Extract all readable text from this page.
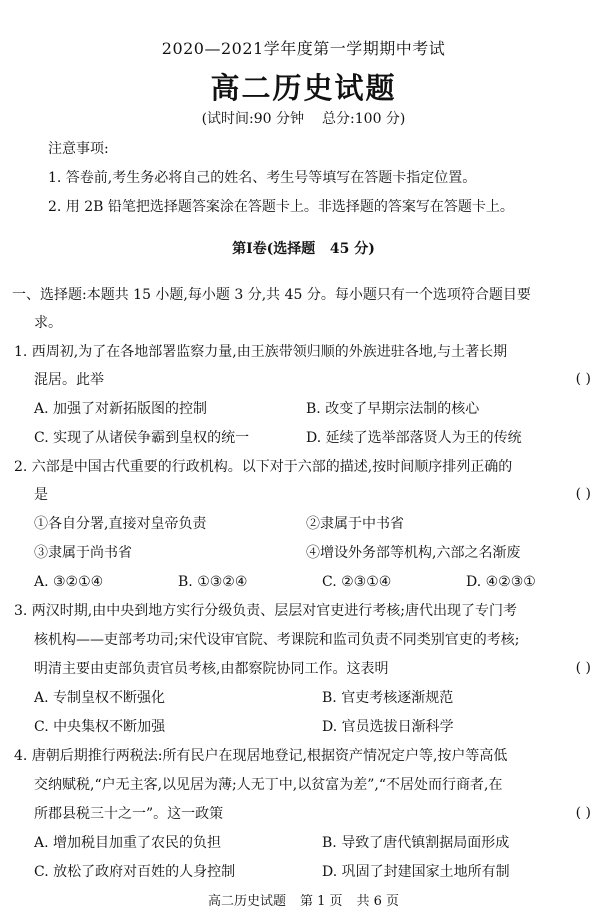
2020—2021学年度第一学期期中考试
高二历史试题
(试时间:90 分钟 总分:100 分)
注意事项:
1. 答卷前,考生务必将自己的姓名、考生号等填写在答题卡指定位置。
2. 用 2B 铅笔把选择题答案涂在答题卡上。非选择题的答案写在答题卡上。
第Ⅰ卷(选择题 45 分)
一、选择题:本题共 15 小题,每小题 3 分,共 45 分。每小题只有一个选项符合题目要
求。
1. 西周初,为了在各地部署监察力量,由王族带领归顺的外族进驻各地,与土著长期
混居。此举	( )
A. 加强了对新拓版图的控制	B. 改变了早期宗法制的核心
C. 实现了从诸侯争霸到皇权的统一	D. 延续了选举部落贤人为王的传统
2. 六部是中国古代重要的行政机构。以下对于六部的描述,按时间顺序排列正确的
是	( )
①各自分署,直接对皇帝负责	②隶属于中书省
③隶属于尚书省	④增设外务部等机构,六部之名渐废
A. ③②①④	B. ①③②④	C. ②③①④	D. ④②③①
3. 两汉时期,由中央到地方实行分级负责、层层对官吏进行考核;唐代出现了专门考
核机构——吏部考功司;宋代设审官院、考课院和监司负责不同类别官吏的考核;
明清主要由吏部负责官员考核,由都察院协同工作。这表明	( )
A. 专制皇权不断强化	B. 官吏考核逐渐规范
C. 中央集权不断加强	D. 官员选拔日渐科学
4. 唐朝后期推行两税法:所有民户在现居地登记,根据资产情况定户等,按户等高低
交纳赋税,“户无主客,以见居为薄;人无丁中,以贫富为差”,“不居处而行商者,在
所郡县税三十之一”。这一政策	( )
A. 增加税目加重了农民的负担	B. 导致了唐代镇割据局面形成
C. 放松了政府对百姓的人身控制	D. 巩固了封建国家土地所有制
高二历史试题 第 1 页 共 6 页
